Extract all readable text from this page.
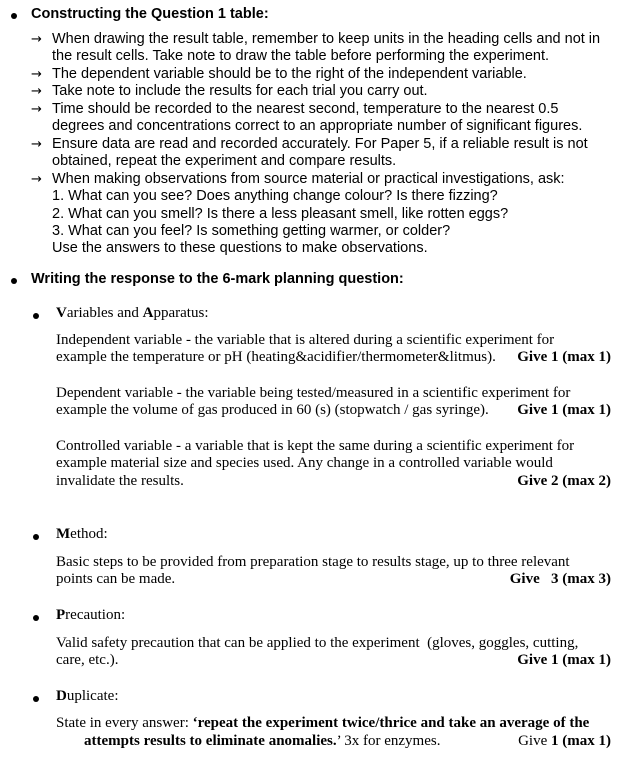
Constructing the Question 1 table:
→ When drawing the result table, remember to keep units in the heading cells and not in
the result cells. Take note to draw the table before performing the experiment.
→ The dependent variable should be to the right of the independent variable.
→ Take note to include the results for each trial you carry out.
→ Time should be recorded to the nearest second, temperature to the nearest 0.5
degrees and concentrations correct to an appropriate number of significant figures.
→ Ensure data are read and recorded accurately. For Paper 5, if a reliable result is not
obtained, repeat the experiment and compare results.
→ When making observations from source material or practical investigations, ask:
1. What can you see? Does anything change colour? Is there fizzing?
2. What can you smell? Is there a less pleasant smell, like rotten eggs?
3. What can you feel? Is something getting warmer, or colder?
Use the answers to these questions to make observations.
Writing the response to the 6-mark planning question:
Variables and Apparatus:
Independent variable - the variable that is altered during a scientific experiment for
example the temperature or pH (heating&acidifier/thermometer&litmus). Give 1 (max 1)
Dependent variable - the variable being tested/measured in a scientific experiment for
example the volume of gas produced in 60 (s) (stopwatch / gas syringe). Give 1 (max 1)
Controlled variable - a variable that is kept the same during a scientific experiment for
example material size and species used. Any change in a controlled variable would
invalidate the results.	Give 2 (max 2)
Method:
Basic steps to be provided from preparation stage to results stage, up to three relevant
points can be made.	Give   3 (max 3)
Precaution:
Valid safety precaution that can be applied to the experiment  (gloves, goggles, cutting,
care, etc.).	Give 1 (max 1)
Duplicate:
State in every answer: ‘repeat the experiment twice/thrice and take an average of the
attempts results to eliminate anomalies.’ 3x for enzymes.	Give 1 (max 1)
